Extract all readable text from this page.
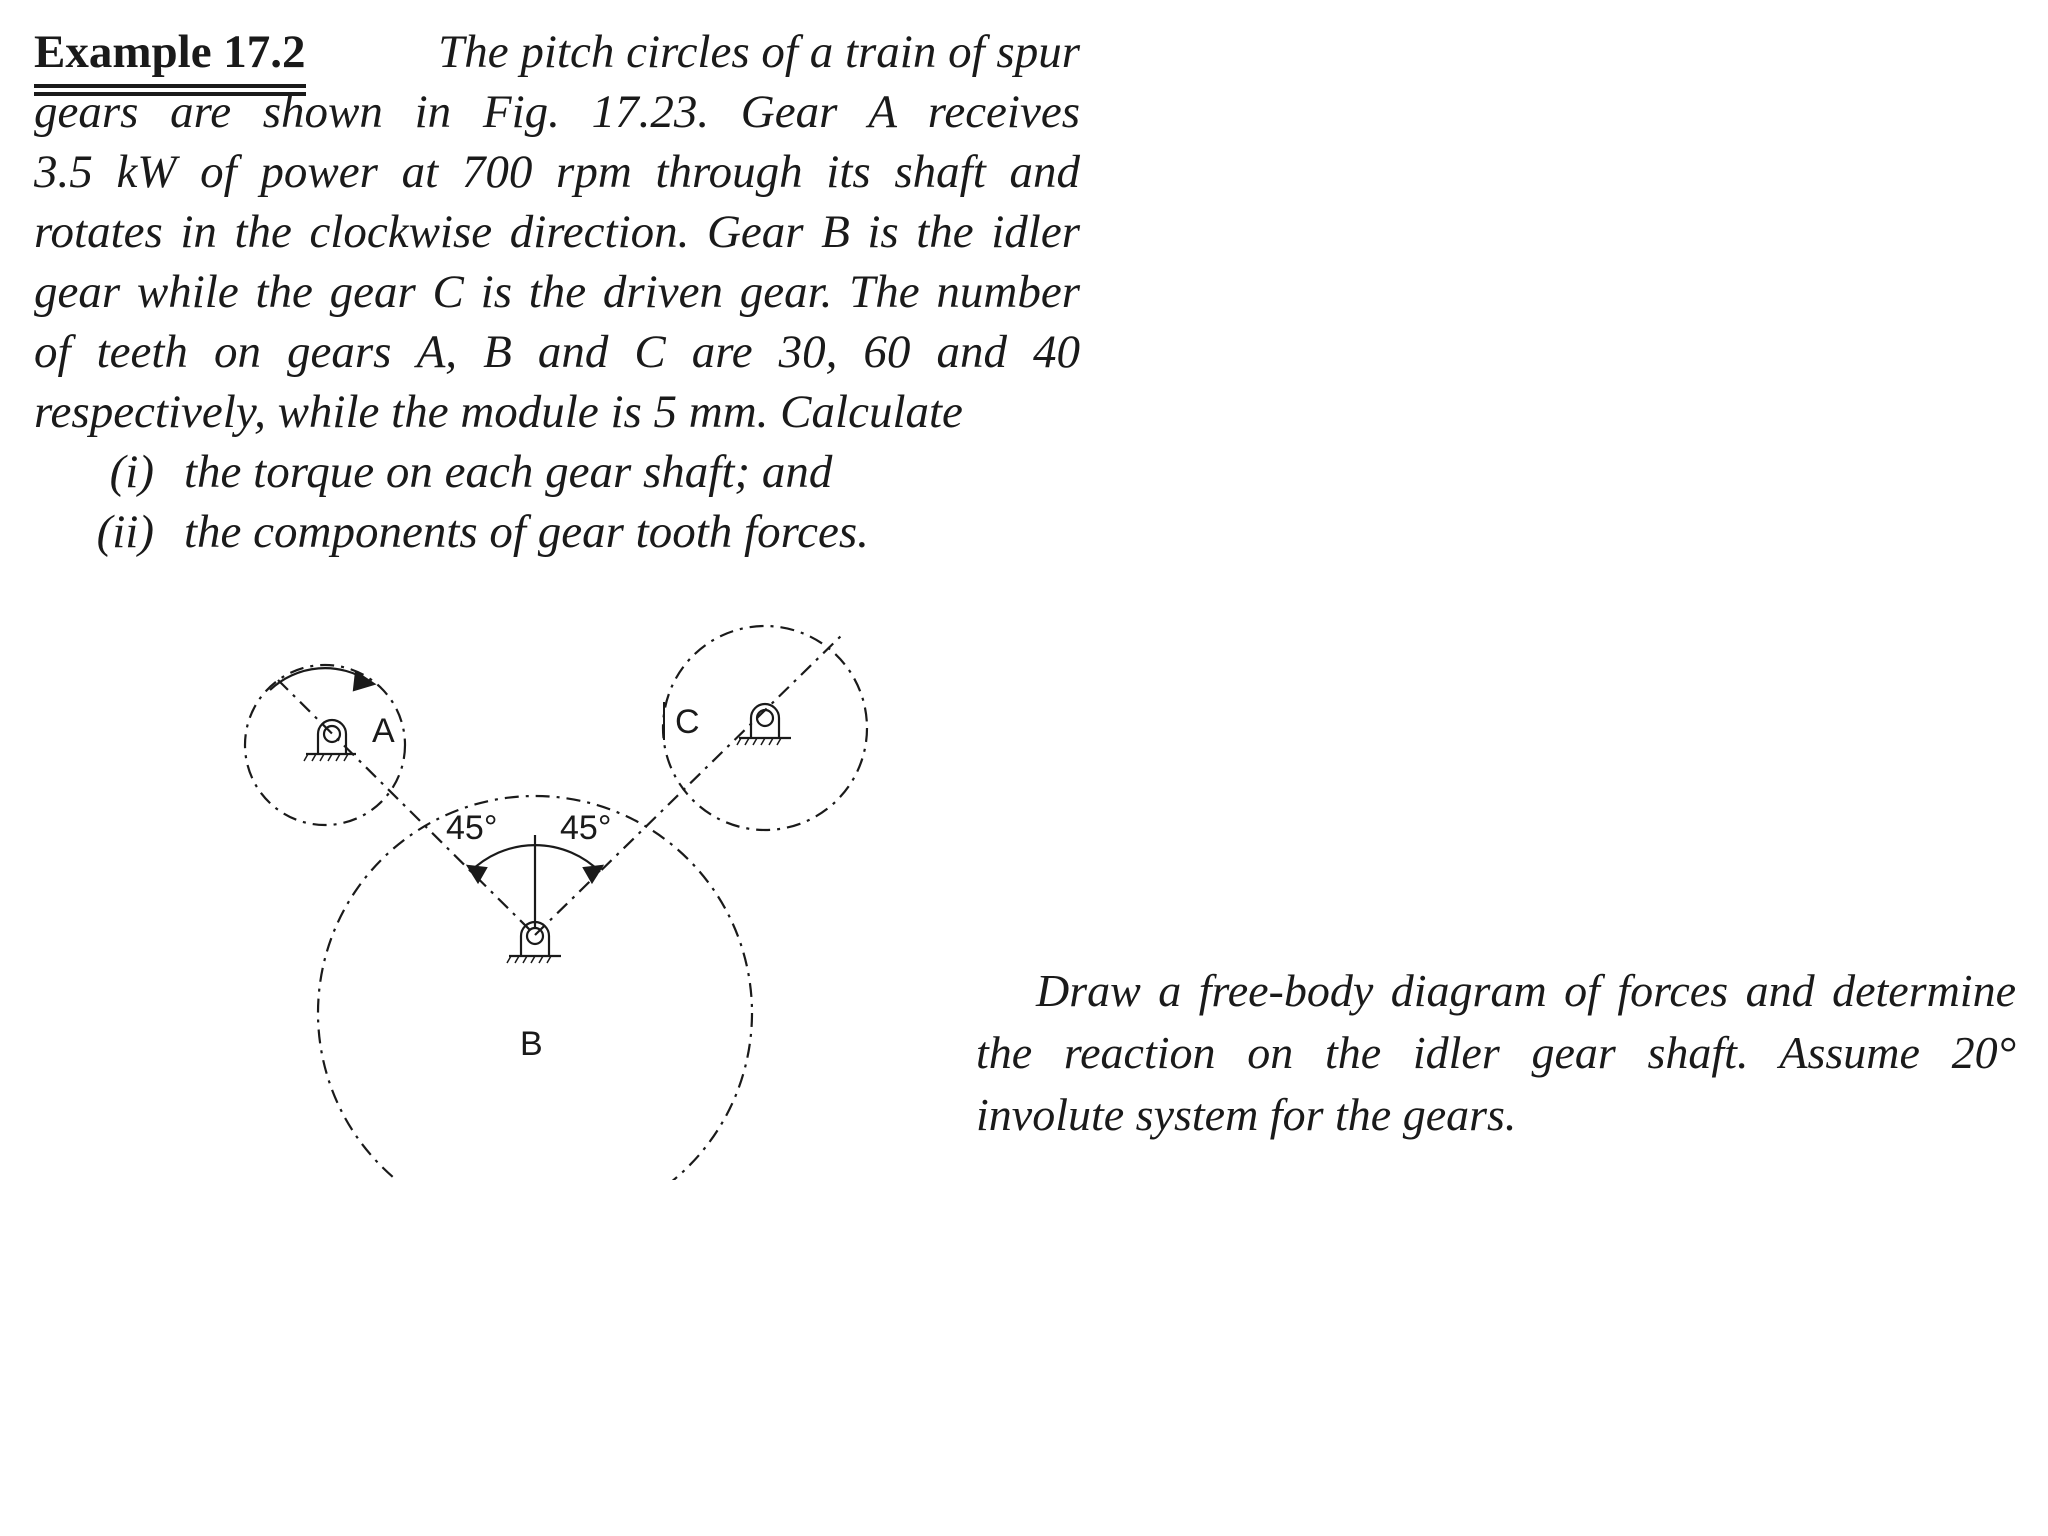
Example 17.2	The pitch circles of a train of spur
gears are shown in Fig. 17.23. Gear A receives
3.5 kW of power at 700 rpm through its shaft and
rotates in the clockwise direction. Gear B is the idler
gear while the gear C is the driven gear. The number
of teeth on gears A, B and C are 30, 60 and 40
respectively, while the module is 5 mm. Calculate
(i) the torque on each gear shaft; and
(ii) the components of gear tooth forces.
A
B
C
45° 45°
Draw a free-body diagram of forces and determine
the reaction on the idler gear shaft. Assume 20°
involute system for the gears.
